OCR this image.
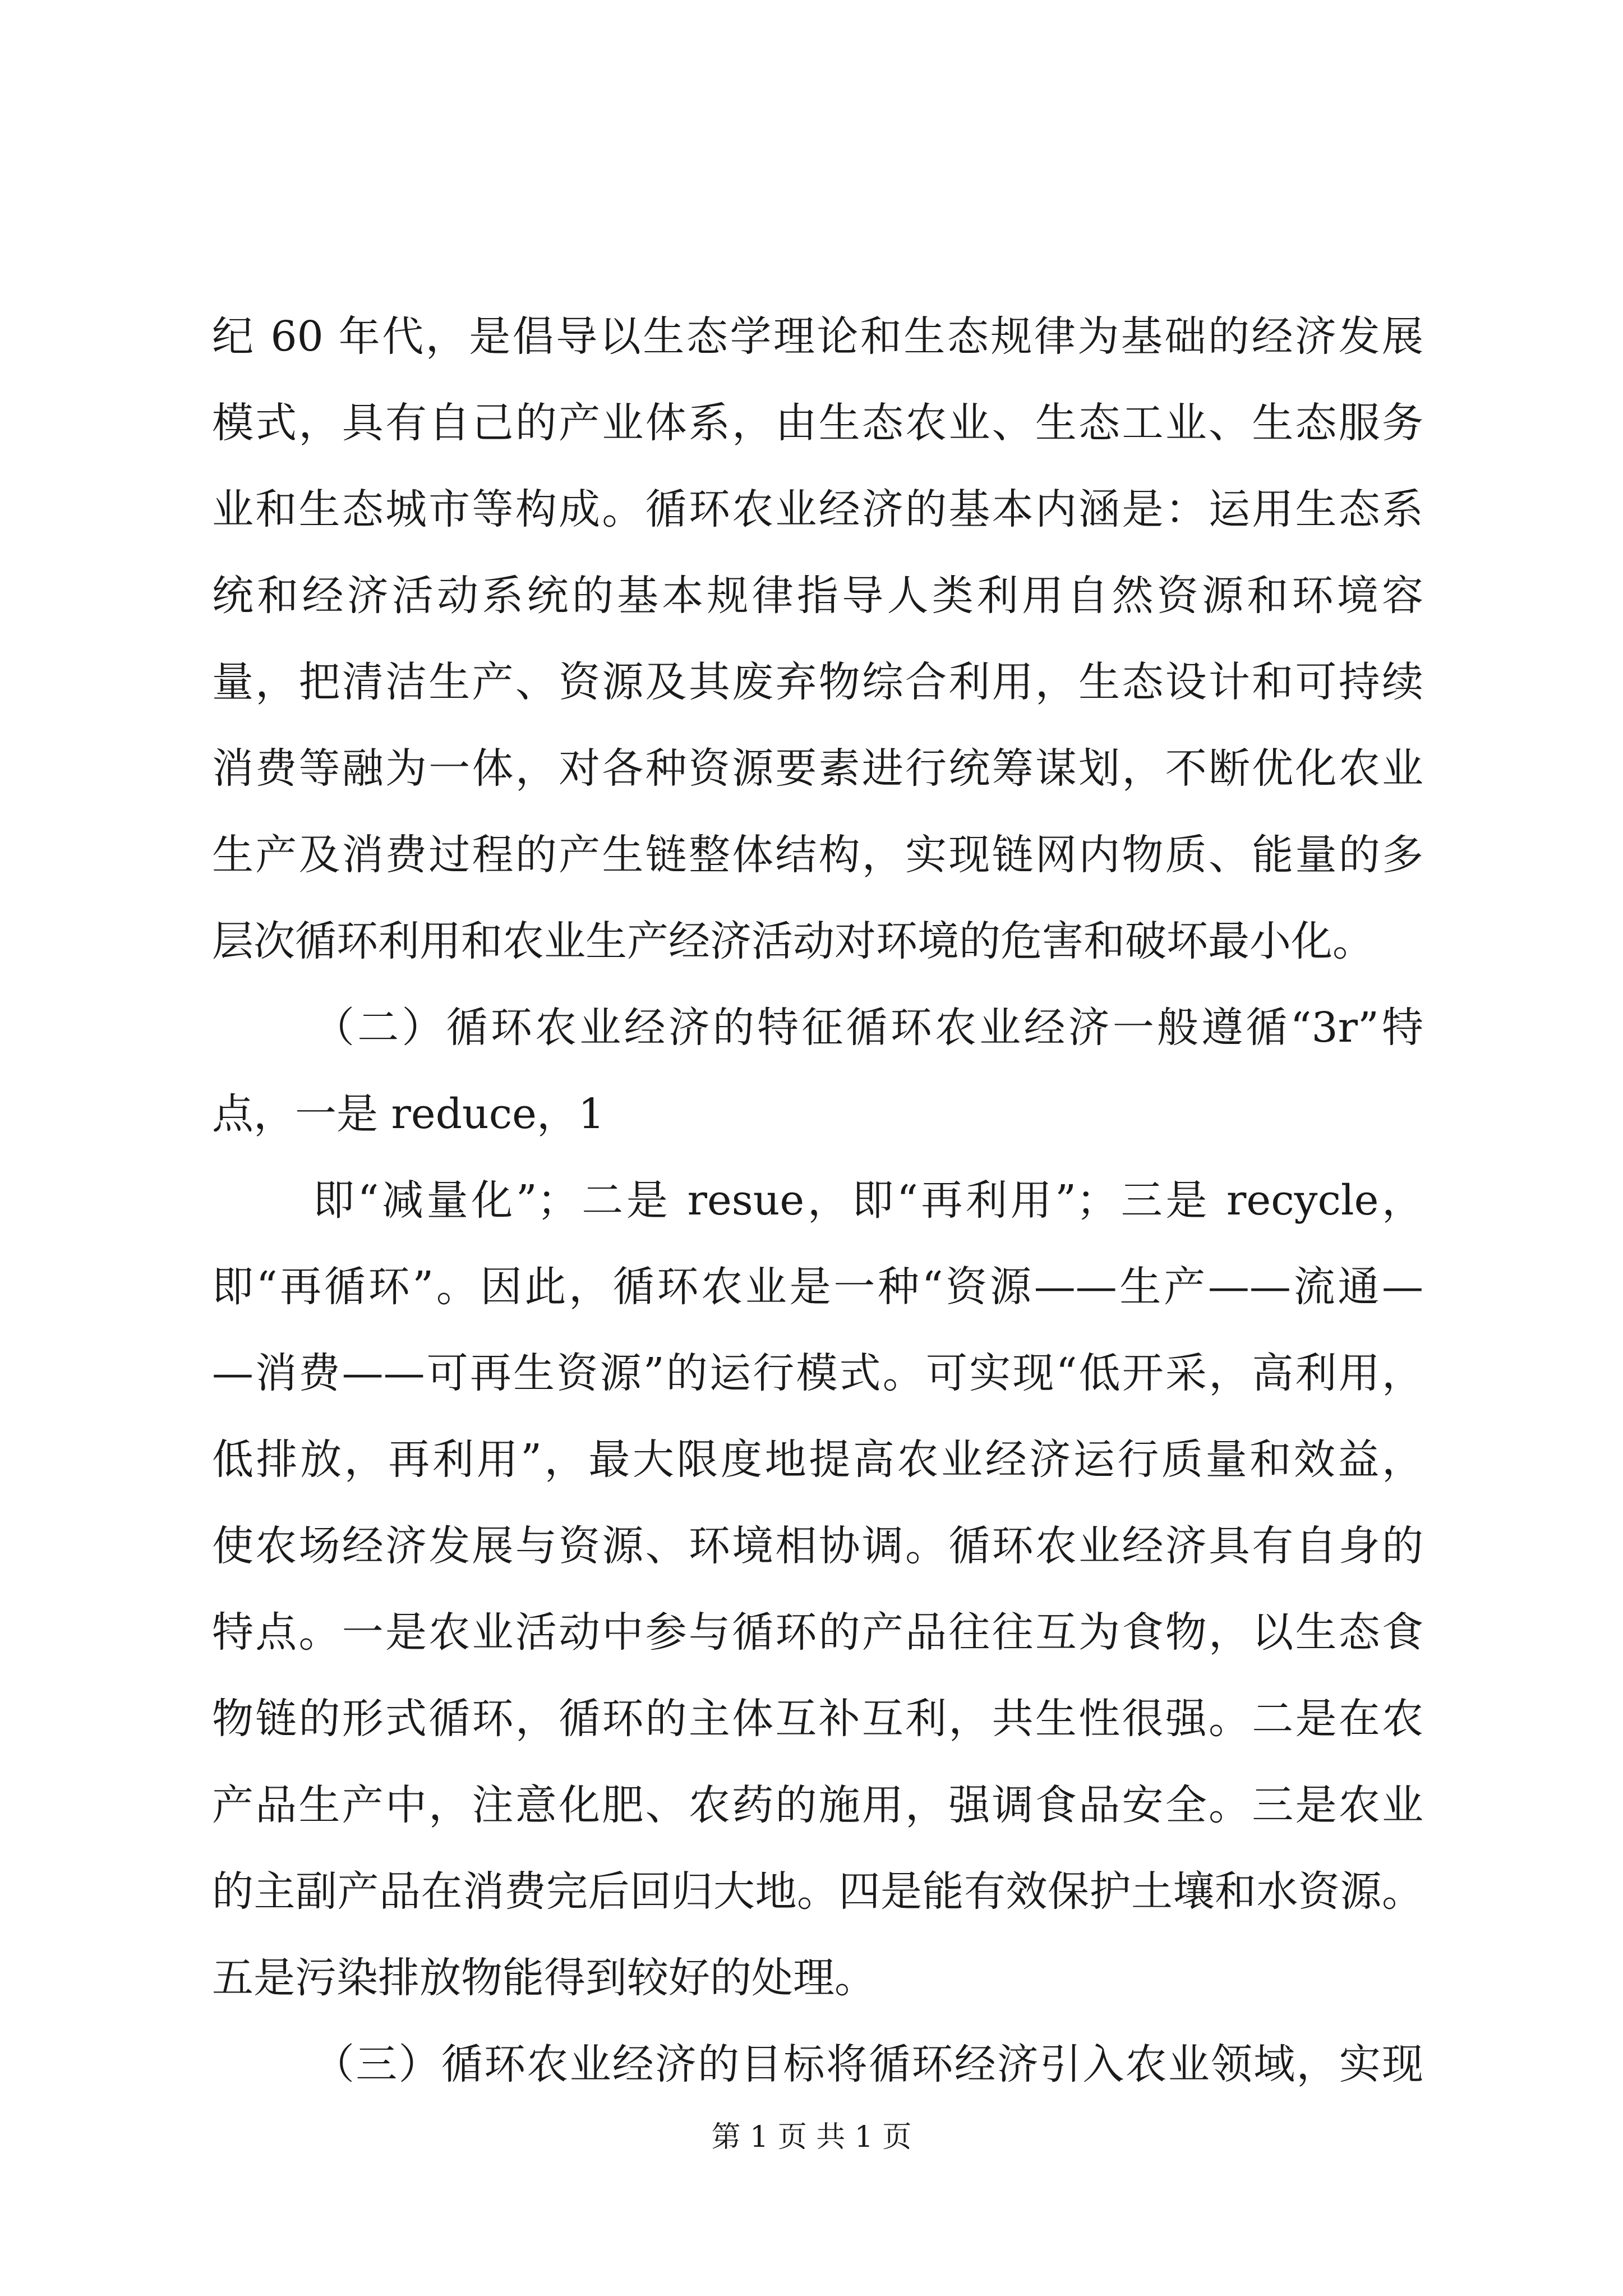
纪 60 年代，是倡导以生态学理论和生态规律为基础的经济发展
模式，具有自己的产业体系，由生态农业、生态工业、生态服务
业和生态城市等构成。循环农业经济的基本内涵是：运用生态系
统和经济活动系统的基本规律指导人类利用自然资源和环境容
量，把清洁生产、资源及其废弃物综合利用，生态设计和可持续
消费等融为一体，对各种资源要素进行统筹谋划，不断优化农业
生产及消费过程的产生链整体结构，实现链网内物质、能量的多
层次循环利用和农业生产经济活动对环境的危害和破坏最小化。
（二）循环农业经济的特征循环农业经济一般遵循“3r”特
点，一是 reduce，1
即“减量化”；二是 resue，即“再利用”；三是 recycle，
即“再循环”。因此，循环农业是一种“资源——生产——流通—
—消费——可再生资源”的运行模式。可实现“低开采，高利用，
低排放，再利用”，最大限度地提高农业经济运行质量和效益，
使农场经济发展与资源、环境相协调。循环农业经济具有自身的
特点。一是农业活动中参与循环的产品往往互为食物，以生态食
物链的形式循环，循环的主体互补互利，共生性很强。二是在农
产品生产中，注意化肥、农药的施用，强调食品安全。三是农业
的主副产品在消费完后回归大地。四是能有效保护土壤和水资源。
五是污染排放物能得到较好的处理。
（三）循环农业经济的目标将循环经济引入农业领域，实现
第 1 页 共 1 页
